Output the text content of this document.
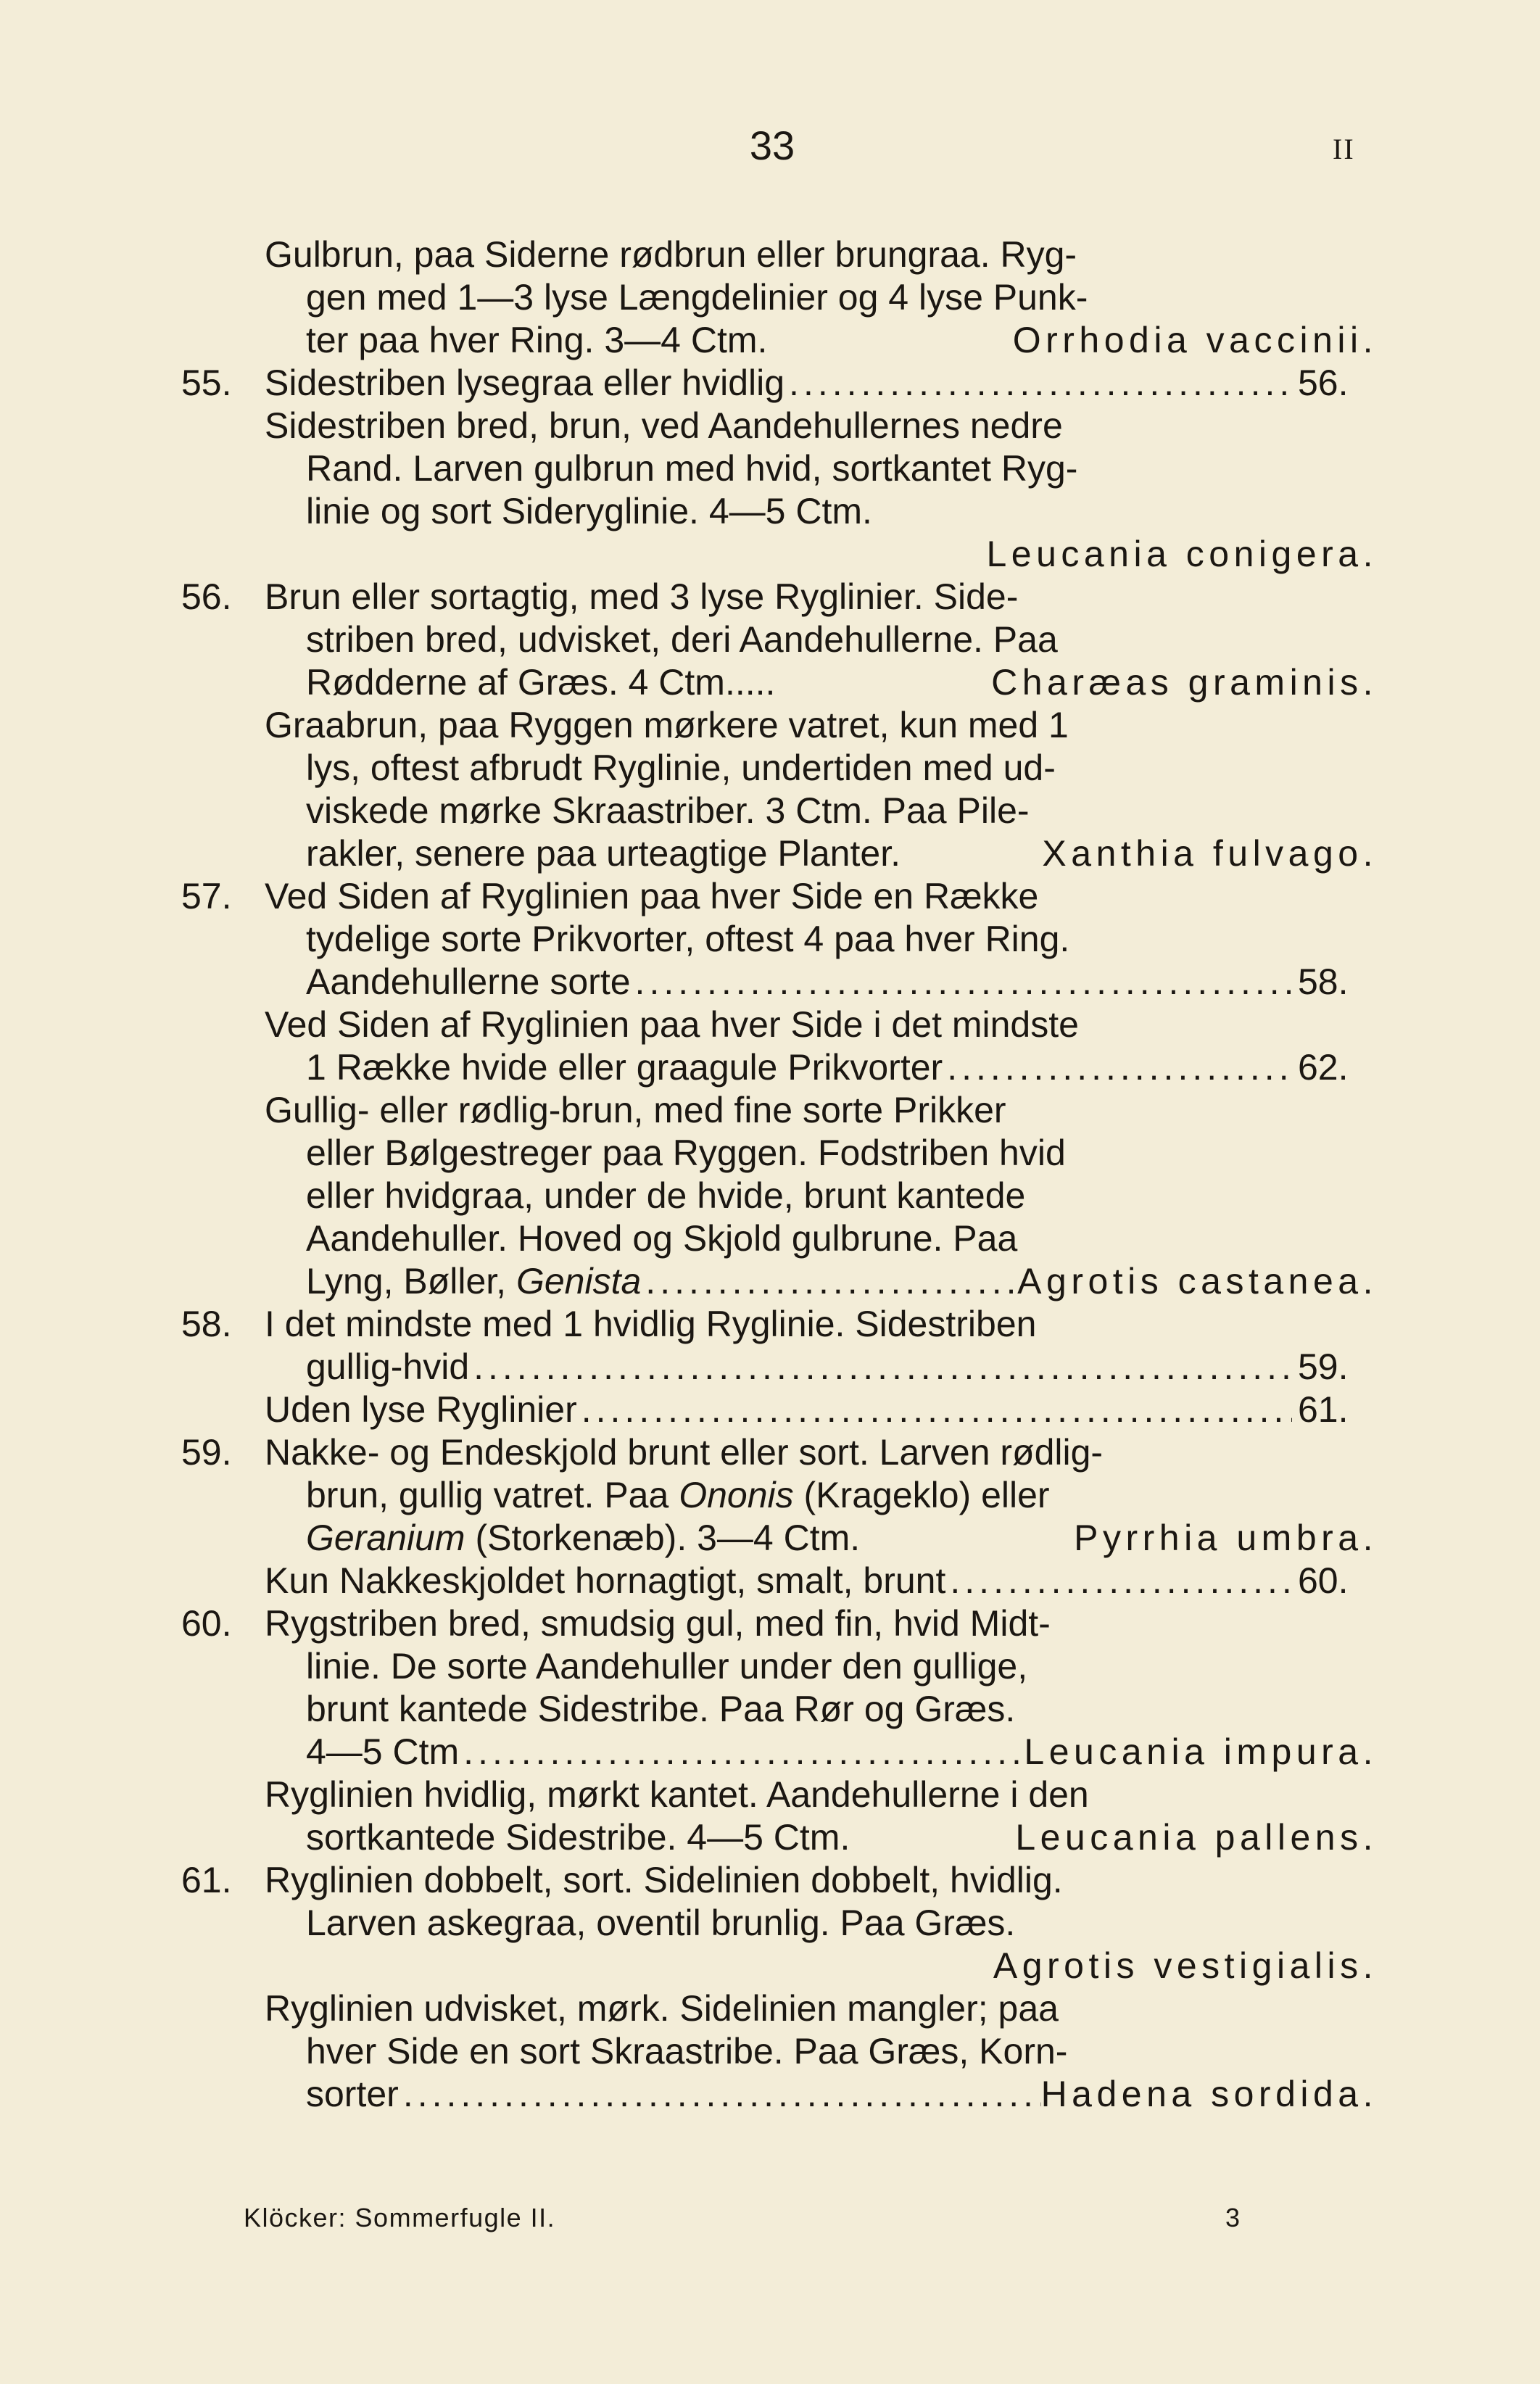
33	II
Gulbrun, paa Siderne rødbrun eller brungraa. Ryg-
gen med 1—3 lyse Længdelinier og 4 lyse Punk-
ter paa hver Ring. 3—4 Ctm.	Orrhodia vaccinii.
55. Sidestriben lysegraa eller hvidlig .....	56.
Sidestriben bred, brun, ved Aandehullernes nedre
Rand. Larven gulbrun med hvid, sortkantet Ryg-
linie og sort Sideryglinie. 4—5 Ctm.
Leucania conigera.
56. Brun eller sortagtig, med 3 lyse Ryglinier. Side-
striben bred, udvisket, deri Aandehullerne. Paa
Rødderne af Græs. 4 Ctm.....	Charæas graminis.
Graabrun, paa Ryggen mørkere vatret, kun med 1
lys, oftest afbrudt Ryglinie, undertiden med ud-
viskede mørke Skraastriber. 3 Ctm. Paa Pile-
rakler, senere paa urteagtige Planter.	Xanthia fulvago.
57. Ved Siden af Ryglinien paa hver Side en Række
tydelige sorte Prikvorter, oftest 4 paa hver Ring.
Aandehullerne sorte .....	58.
Ved Siden af Ryglinien paa hver Side i det mindste
1 Række hvide eller graagule Prikvorter .....	62.
Gullig- eller rødlig-brun, med fine sorte Prikker
eller Bølgestreger paa Ryggen. Fodstriben hvid
eller hvidgraa, under de hvide, brunt kantede
Aandehuller. Hoved og Skjold gulbrune. Paa
Lyng, Bøller,
Genista .....	Agrotis castanea.
58. I det mindste med 1 hvidlig Ryglinie. Sidestriben
gullig-hvid .....	59.
Uden lyse Ryglinier .....	61.
59. Nakke- og Endeskjold brunt eller sort. Larven rødlig-
brun, gullig vatret. Paa
Ononis
(Krageklo) eller
Geranium
(Storkenæb). 3—4 Ctm.	Pyrrhia umbra.
Kun Nakkeskjoldet hornagtigt, smalt, brunt .....	60.
60. Rygstriben bred, smudsig gul, med fin, hvid Midt-
linie. De sorte Aandehuller under den gullige,
brunt kantede Sidestribe. Paa Rør og Græs.
4—5 Ctm .....	Leucania impura.
Ryglinien hvidlig, mørkt kantet. Aandehullerne i den
sortkantede Sidestribe. 4—5 Ctm.	Leucania pallens.
61. Ryglinien dobbelt, sort. Sidelinien dobbelt, hvidlig.
Larven askegraa, oventil brunlig. Paa Græs.
Agrotis vestigialis.
Ryglinien udvisket, mørk. Sidelinien mangler; paa
hver Side en sort Skraastribe. Paa Græs, Korn-
sorter .....	Hadena sordida.
Klöcker: Sommerfugle II.	3
